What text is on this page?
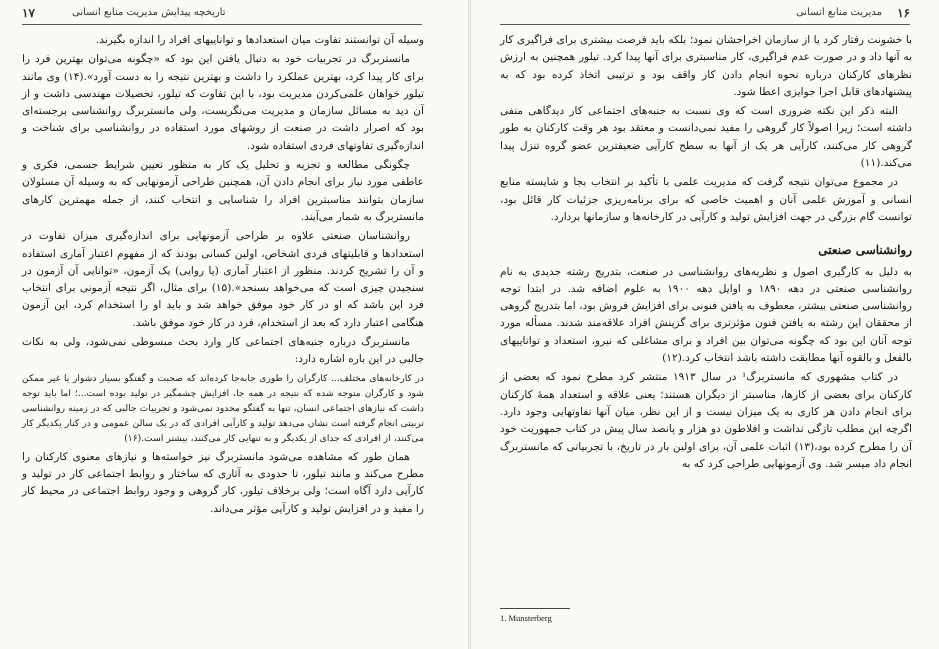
۱۷	تاریخچه پیدایش مدیریت منابع انسانی

وسیله آن توانستند تفاوت میان استعدادها و تواناییهای افراد را اندازه بگیرند.

مانستربرگ در تجربیات خود به دنبال یافتن این بود که «چگونه می‌توان بهترین فرد را برای کار پیدا کرد، بهترین عملکرد را داشت و بهترین نتیجه را به دست آورد».(۱۴) وی مانند تیلور خواهان علمی‌کردن مدیریت بود، با این تفاوت که تیلور، تحصیلات مهندسی داشت و از آن دید به مسائل سازمان و مدیریت می‌نگریست، ولی مانستربرگ روانشناسی برجسته‌ای بود که اصرار داشت در صنعت از روشهای مورد استفاده در روانشناسی برای شناخت و اندازه‌گیری تفاوتهای فردی استفاده شود.

چگونگی مطالعه و تجزیه و تحلیل یک کار به منظور تعیین شرایط جسمی، فکری و عاطفی مورد نیاز برای انجام دادن آن، همچنین طراحی آزمونهایی که به وسیله آن مسئولان سازمان بتوانند مناسبترین افراد را شناسایی و انتخاب کنند، از جمله مهمترین کارهای مانستربرگ به شمار می‌آیند.

روانشناسان صنعتی علاوه بر طراحی آزمونهایی برای اندازه‌گیری میزان تفاوت در استعدادها و قابلیتهای فردی اشخاص، اولین کسانی بودند که از مفهوم اعتبار آماری استفاده و آن را تشریح کردند. منظور از اعتبار آماری (یا روایی) یک آزمون، «توانایی آن آزمون در سنجیدن چیزی است که می‌خواهد بسنجد».(۱۵) برای مثال، اگر نتیجه آزمونی برای انتخاب فرد این باشد که او در کار خود موفق خواهد شد و باید او را استخدام کرد، این آزمون هنگامی اعتبار دارد که بعد از استخدام، فرد در کار خود موفق باشد.

مانستربرگ درباره جنبه‌های اجتماعی کار وارد بحث مبسوطی نمی‌شود، ولی به نکات جالبی در این باره اشاره دارد:

در کارخانه‌های مختلف... کارگران را طوری جابه‌جا کرده‌اند که صحبت و گفتگو بسیار دشوار یا غیر ممکن شود و کارگران متوجه شده که نتیجه در همه جا، افزایش چشمگیر در تولید بوده است...؛ اما باید توجه داشت که نیازهای اجتماعی انسان، تنها به گفتگو محدود نمی‌شود و تجربیات جالبی که در زمینه روانشناسی تربیتی انجام گرفته است نشان می‌دهد تولید و کارآیی افرادی که در یک سالن عمومی و در کنار یکدیگر کار می‌کنند، از افرادی که جدای از یکدیگر و به تنهایی کار می‌کنند، بیشتر است.(۱۶)

همان طور که مشاهده می‌شود مانستربرگ نیز خواسته‌ها و نیازهای معنوی کارکنان را مطرح می‌کند و مانند تیلور، تا حدودی به آثاری که ساختار و روابط اجتماعی کار در تولید و کارآیی دارد آگاه است؛ ولی برخلاف تیلور، کار گروهی و وجود روابط اجتماعی در محیط کار را مفید و در افزایش تولید و کارآیی مؤثر می‌داند.

۱۶
مدیریت منابع انسانی

با خشونت رفتار کرد یا از سازمان اخراجشان نمود؛ بلکه باید فرصت بیشتری برای فراگیری کار به آنها داد و در صورت عدم فراگیری، کار مناسبتری برای آنها پیدا کرد. تیلور همچنین به ارزش نظرهای کارکنان درباره نحوه انجام دادن کار واقف بود و ترتیبی اتخاذ کرده بود که به پیشنهادهای قابل اجرا جوایزی اعطا شود.

البته ذکر این نکته ضروری است که وی نسبت به جنبه‌های اجتماعی کار دیدگاهی منفی داشته است؛ زیرا اصولاً کار گروهی را مفید نمی‌دانست و معتقد بود هر وقت کارکنان به طور گروهی کار می‌کنند، کارآیی هر یک از آنها به سطح کارآیی ضعیفترین عضو گروه تنزل پیدا می‌کند.(۱۱)

در مجموع می‌توان نتیجه گرفت که مدیریت علمی با تأکید بر انتخاب بجا و شایسته منابع انسانی و آموزش علمی آنان و اهمیت خاصی که برای برنامه‌ریزی جزئیات کار قائل بود، توانست گام بزرگی در جهت افزایش تولید و کارآیی در کارخانه‌ها و سازمانها بردارد.

روانشناسی صنعتی

به دلیل به کارگیری اصول و نظریه‌های روانشناسی در صنعت، بتدریج رشته جدیدی به نام روانشناسی صنعتی در دهه ۱۸۹۰ و اوایل دهه ۱۹۰۰ به علوم اضافه شد. در ابتدا توجه روانشناسی صنعتی بیشتر، معطوف به یافتن فنونی برای افزایش فروش بود، اما بتدریج گروهی از محققان این رشته به یافتن فنون مؤثرتری برای گزینش افراد علاقه‌مند شدند. مسأله مورد توجه آنان این بود که چگونه می‌توان بین افراد و برای مشاغلی که نیرو، استعداد و تواناییهای بالفعل و بالقوه آنها مطابقت داشته باشد انتخاب کرد.(۱۲)

در کتاب مشهوری که مانستربرگ¹ در سال ۱۹۱۳ منتشر کرد مطرح نمود که بعضی از کارکنان برای بعضی از کارها، مناسبتر از دیگران هستند؛ یعنی علاقه و استعداد همهٔ کارکنان برای انجام دادن هر کاری به یک میزان نیست و از این نظر، میان آنها تفاوتهایی وجود دارد. اگرچه این مطلب تازگی نداشت و افلاطون دو هزار و پانصد سال پیش در کتاب جمهوریت خود آن را مطرح کرده بود،(۱۳) اثبات علمی آن، برای اولین بار در تاریخ، با تجربیاتی که مانستربرگ انجام داد میسر شد. وی آزمونهایی طراحی کرد که به

1. Munsterberg
